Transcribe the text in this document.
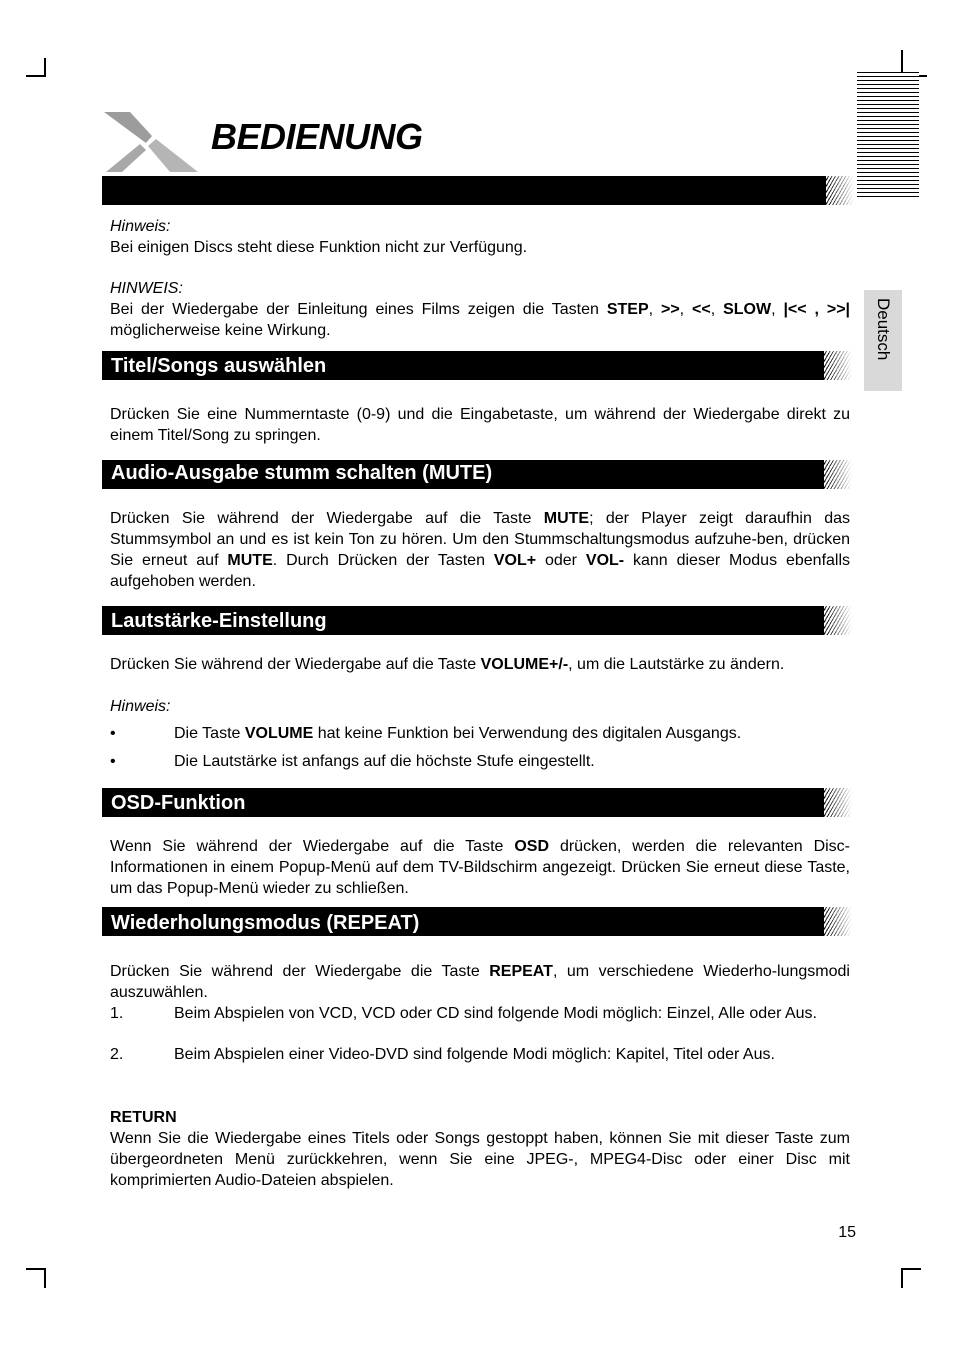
BEDIENUNG
Deutsch
Hinweis:
Bei einigen Discs steht diese Funktion nicht zur Verfügung.
HINWEIS:
Bei der Wiedergabe der Einleitung eines Films zeigen die Tasten STEP, >>, <<, SLOW, |<< , >>| möglicherweise keine Wirkung.
Titel/Songs auswählen
Drücken Sie eine Nummerntaste (0-9) und die Eingabetaste, um während der Wiedergabe direkt zu einem Titel/Song zu springen.
Audio-Ausgabe stumm schalten (MUTE)
Drücken Sie während der Wiedergabe auf die Taste MUTE; der Player zeigt daraufhin das Stummsymbol an und es ist kein Ton zu hören. Um den Stummschaltungsmodus aufzuhe-ben, drücken Sie erneut auf MUTE. Durch Drücken der Tasten VOL+ oder VOL- kann dieser Modus ebenfalls aufgehoben werden.
Lautstärke-Einstellung
Drücken Sie während der Wiedergabe auf die Taste VOLUME+/-, um die Lautstärke zu ändern.
Hinweis:
•	Die Taste VOLUME hat keine Funktion bei Verwendung des digitalen Ausgangs.
•	Die Lautstärke ist anfangs auf die höchste Stufe eingestellt.
OSD-Funktion
Wenn Sie während der Wiedergabe auf die Taste OSD drücken, werden die relevanten Disc-Informationen in einem Popup-Menü auf dem TV-Bildschirm angezeigt. Drücken Sie erneut diese Taste, um das Popup-Menü wieder zu schließen.
Wiederholungsmodus (REPEAT)
Drücken Sie während der Wiedergabe die Taste REPEAT, um verschiedene Wiederho-lungsmodi auszuwählen.
1.	Beim Abspielen von VCD, VCD oder CD sind folgende Modi möglich: Einzel, Alle oder Aus.
2.	Beim Abspielen einer Video-DVD sind folgende Modi möglich: Kapitel, Titel oder Aus.
RETURN
Wenn Sie die Wiedergabe eines Titels oder Songs gestoppt haben, können Sie mit dieser Taste zum übergeordneten Menü zurückkehren, wenn Sie eine JPEG-, MPEG4-Disc oder einer Disc mit komprimierten Audio-Dateien abspielen.
15
